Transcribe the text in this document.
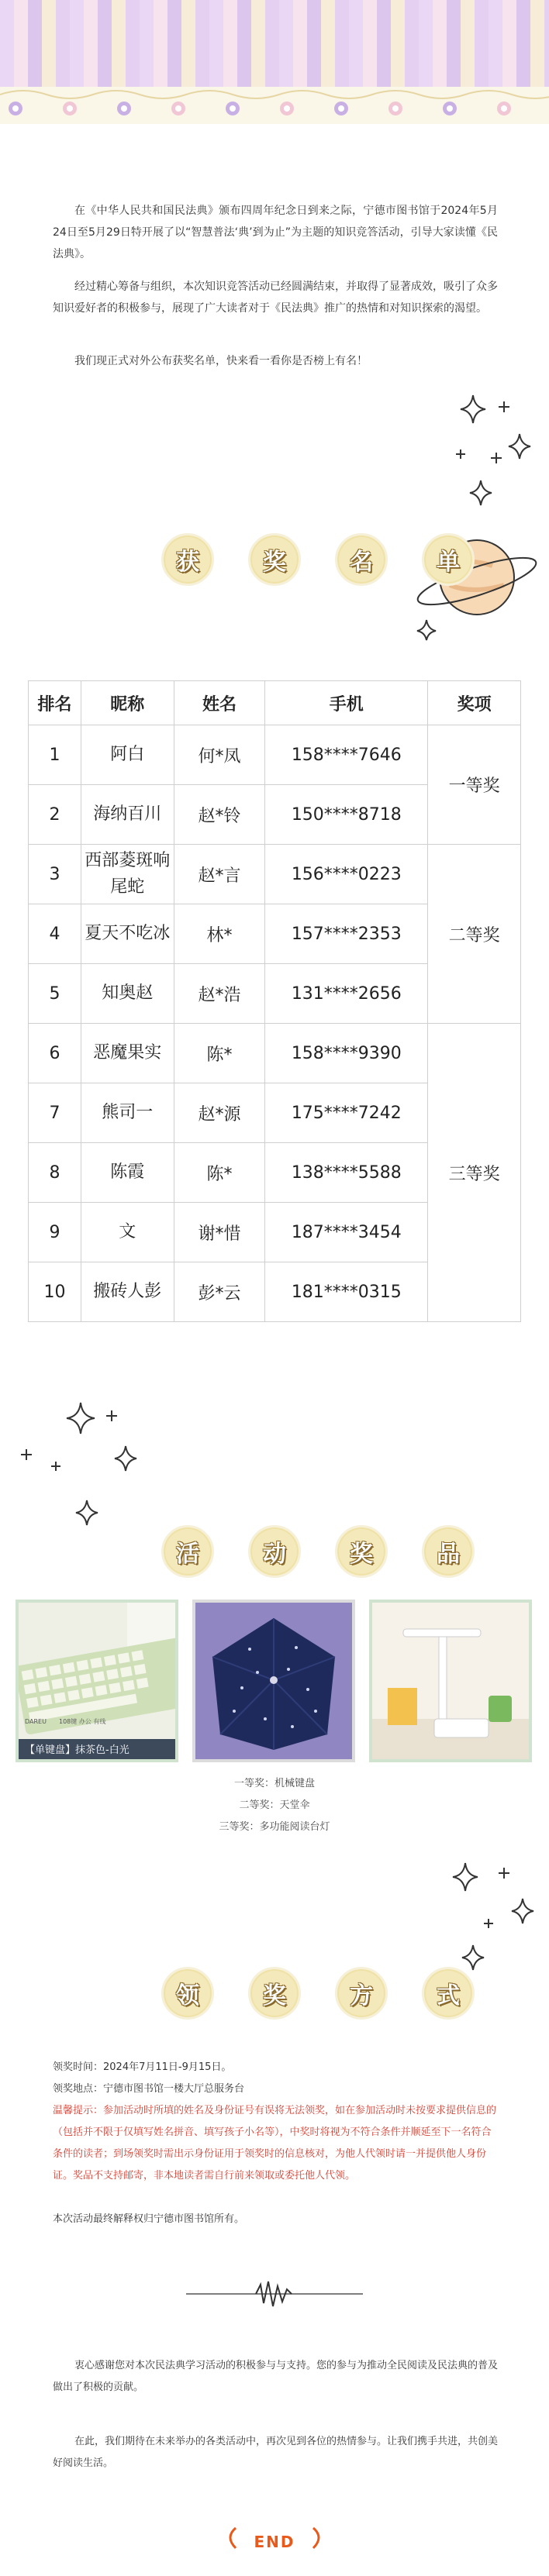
在《中华人民共和国民法典》颁布四周年纪念日到来之际，宁德市图书馆于2024年5月24日至5月29日特开展了以“智慧普法‘典’到为止”为主题的知识竞答活动，引导大家读懂《民法典》。

经过精心筹备与组织，本次知识竞答活动已经圆满结束，并取得了显著成效，吸引了众多知识爱好者的积极参与，展现了广大读者对于《民法典》推广的热情和对知识探索的渴望。

我们现正式对外公布获奖名单，快来看一看你是否榜上有名！

获	奖	名	单
排名	昵称	姓名	手机	奖项
1	阿白	何*凤	158****7646	一等奖
2	海纳百川	赵*铃	150****8718	
3	西部菱斑响尾蛇	赵*言	156****0223	二等奖
4	夏天不吃冰	林*	157****2353	
5	知奥赵	赵*浩	131****2656	
6	恶魔果实	陈*	158****9390	三等奖
7	熊司一	赵*源	175****7242	
8	陈霞	陈*	138****5588	
9	文	谢*惜	187****3454	
10	搬砖人彭	彭*云	181****0315	
活	动	奖	品
DAREU 108键 办公 有线
【单键盘】抹茶色-白光
一等奖：机械键盘
二等奖：天堂伞
三等奖：多功能阅读台灯
领	奖	方	式
领奖时间：2024年7月11日-9月15日。
领奖地点：宁德市图书馆一楼大厅总服务台
温馨提示：参加活动时所填的姓名及身份证号有误将无法领奖，如在参加活动时未按要求提供信息的（包括并不限于仅填写姓名拼音、填写孩子小名等），中奖时将视为不符合条件并顺延至下一名符合条件的读者；到场领奖时需出示身份证用于领奖时的信息核对，为他人代领时请一并提供他人身份证。奖品不支持邮寄，非本地读者需自行前来领取或委托他人代领。
本次活动最终解释权归宁德市图书馆所有。

衷心感谢您对本次民法典学习活动的积极参与与支持。您的参与为推动全民阅读及民法典的普及做出了积极的贡献。

在此，我们期待在未来举办的各类活动中，再次见到各位的热情参与。让我们携手共进，共创美好阅读生活。

END
